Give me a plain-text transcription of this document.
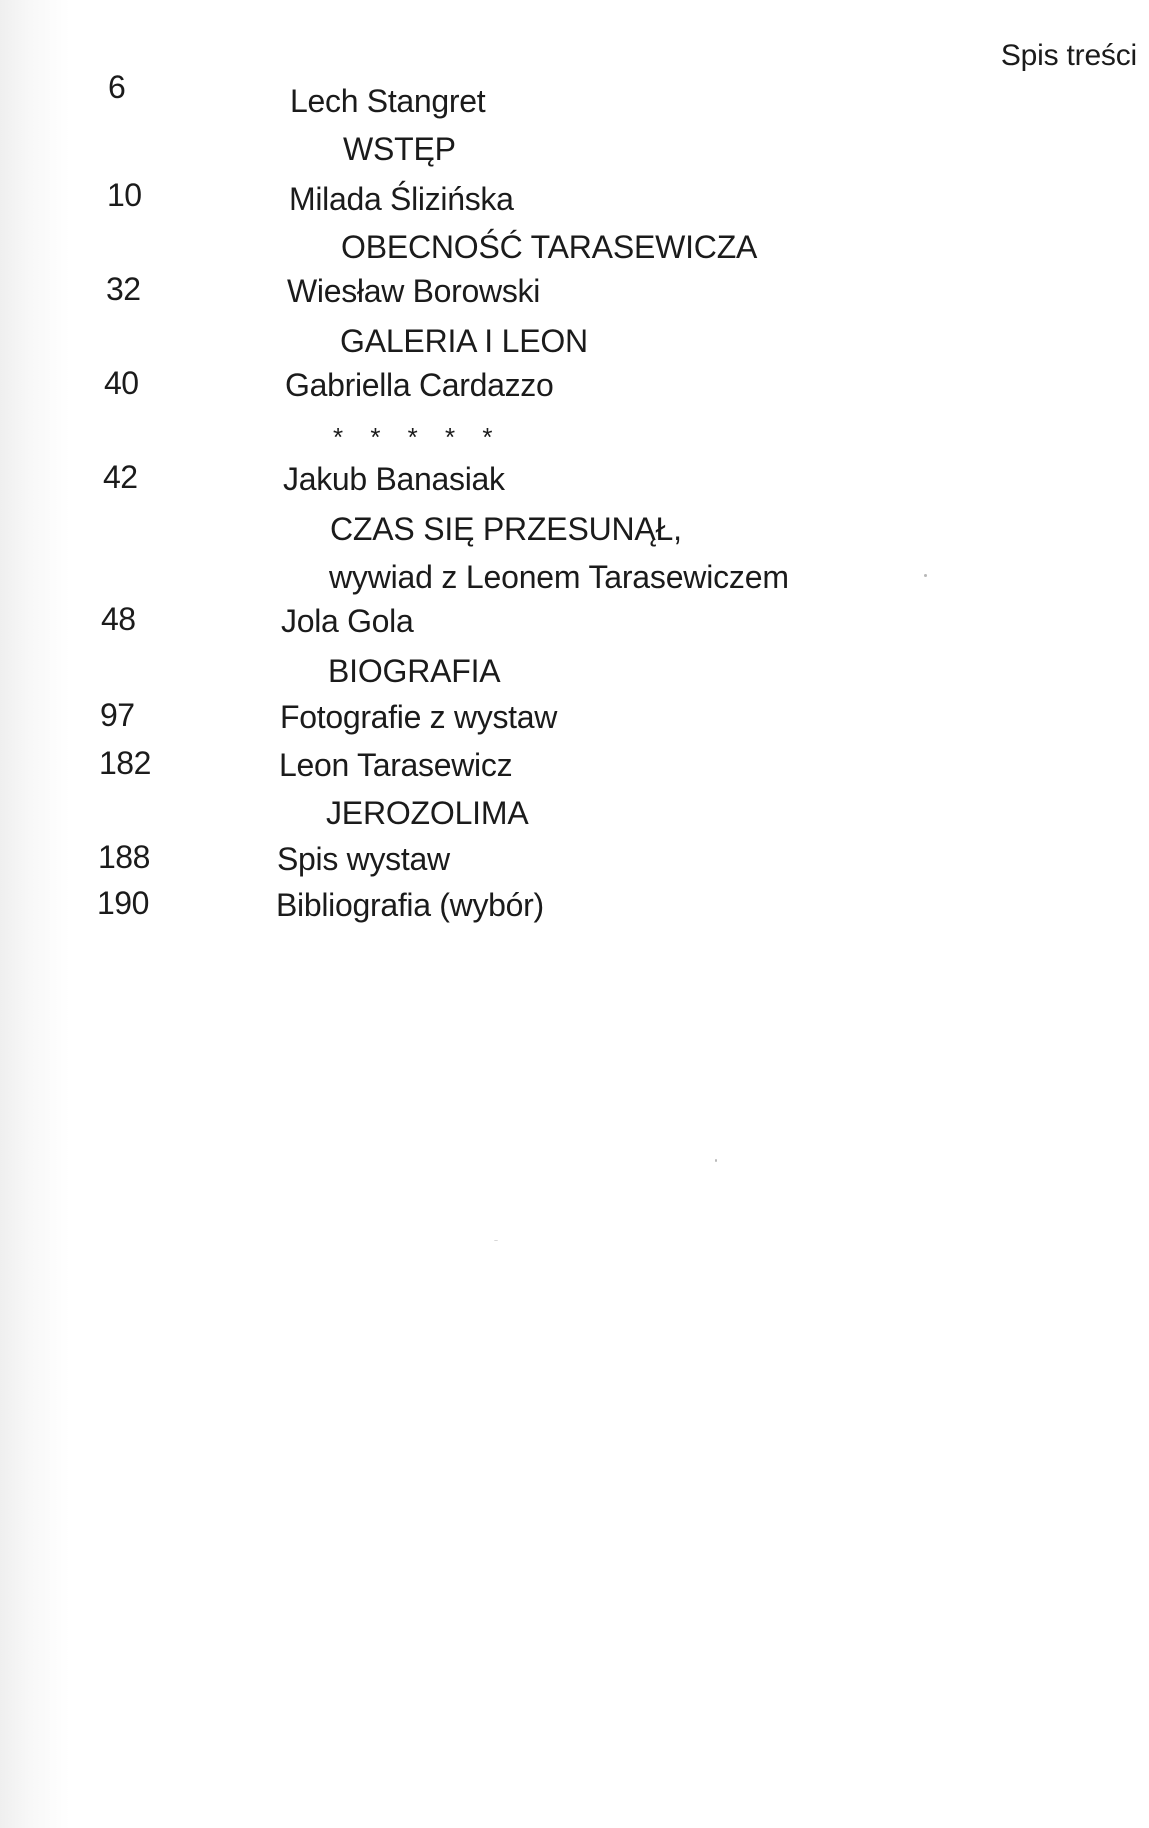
Spis treści
6	Lech Stangret
WSTĘP
10	Milada Ślizińska
OBECNOŚĆ TARASEWICZA
32	Wiesław Borowski
GALERIA I LEON
40	Gabriella Cardazzo
* * * * *
42	Jakub Banasiak
CZAS SIĘ PRZESUNĄŁ,
wywiad z Leonem Tarasewiczem
48	Jola Gola
BIOGRAFIA
97	Fotografie z wystaw
182	Leon Tarasewicz
JEROZOLIMA
188	Spis wystaw
190	Bibliografia (wybór)
